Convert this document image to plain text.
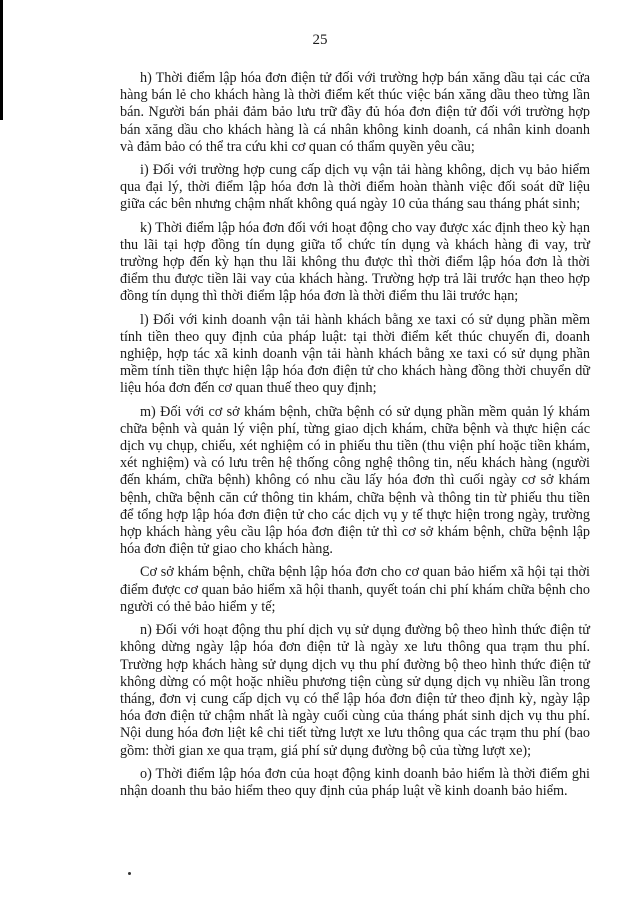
25

h) Thời điểm lập hóa đơn điện tử đối với trường hợp bán xăng dầu tại các cửa hàng bán lẻ cho khách hàng là thời điểm kết thúc việc bán xăng dầu theo từng lần bán. Người bán phải đảm bảo lưu trữ đầy đủ hóa đơn điện tử đối với trường hợp bán xăng dầu cho khách hàng là cá nhân không kinh doanh, cá nhân kinh doanh và đảm bảo có thể tra cứu khi cơ quan có thẩm quyền yêu cầu;

i) Đối với trường hợp cung cấp dịch vụ vận tải hàng không, dịch vụ bảo hiểm qua đại lý, thời điểm lập hóa đơn là thời điểm hoàn thành việc đối soát dữ liệu giữa các bên nhưng chậm nhất không quá ngày 10 của tháng sau tháng phát sinh;

k) Thời điểm lập hóa đơn đối với hoạt động cho vay được xác định theo kỳ hạn thu lãi tại hợp đồng tín dụng giữa tổ chức tín dụng và khách hàng đi vay, trừ trường hợp đến kỳ hạn thu lãi không thu được thì thời điểm lập hóa đơn là thời điểm thu được tiền lãi vay của khách hàng. Trường hợp trả lãi trước hạn theo hợp đồng tín dụng thì thời điểm lập hóa đơn là thời điểm thu lãi trước hạn;

l) Đối với kinh doanh vận tải hành khách bằng xe taxi có sử dụng phần mềm tính tiền theo quy định của pháp luật: tại thời điểm kết thúc chuyến đi, doanh nghiệp, hợp tác xã kinh doanh vận tải hành khách bằng xe taxi có sử dụng phần mềm tính tiền thực hiện lập hóa đơn điện tử cho khách hàng đồng thời chuyển dữ liệu hóa đơn đến cơ quan thuế theo quy định;

m) Đối với cơ sở khám bệnh, chữa bệnh có sử dụng phần mềm quản lý khám chữa bệnh và quản lý viện phí, từng giao dịch khám, chữa bệnh và thực hiện các dịch vụ chụp, chiếu, xét nghiệm có in phiếu thu tiền (thu viện phí hoặc tiền khám, xét nghiệm) và có lưu trên hệ thống công nghệ thông tin, nếu khách hàng (người đến khám, chữa bệnh) không có nhu cầu lấy hóa đơn thì cuối ngày cơ sở khám bệnh, chữa bệnh căn cứ thông tin khám, chữa bệnh và thông tin từ phiếu thu tiền để tổng hợp lập hóa đơn điện tử cho các dịch vụ y tế thực hiện trong ngày, trường hợp khách hàng yêu cầu lập hóa đơn điện tử thì cơ sở khám bệnh, chữa bệnh lập hóa đơn điện tử giao cho khách hàng.

Cơ sở khám bệnh, chữa bệnh lập hóa đơn cho cơ quan bảo hiểm xã hội tại thời điểm được cơ quan bảo hiểm xã hội thanh, quyết toán chi phí khám chữa bệnh cho người có thẻ bảo hiểm y tế;

n) Đối với hoạt động thu phí dịch vụ sử dụng đường bộ theo hình thức điện tử không dừng ngày lập hóa đơn điện tử là ngày xe lưu thông qua trạm thu phí. Trường hợp khách hàng sử dụng dịch vụ thu phí đường bộ theo hình thức điện tử không dừng có một hoặc nhiều phương tiện cùng sử dụng dịch vụ nhiều lần trong tháng, đơn vị cung cấp dịch vụ có thể lập hóa đơn điện tử theo định kỳ, ngày lập hóa đơn điện tử chậm nhất là ngày cuối cùng của tháng phát sinh dịch vụ thu phí. Nội dung hóa đơn liệt kê chi tiết từng lượt xe lưu thông qua các trạm thu phí (bao gồm: thời gian xe qua trạm, giá phí sử dụng đường bộ của từng lượt xe);

o) Thời điểm lập hóa đơn của hoạt động kinh doanh bảo hiểm là thời điểm ghi nhận doanh thu bảo hiểm theo quy định của pháp luật về kinh doanh bảo hiểm.
